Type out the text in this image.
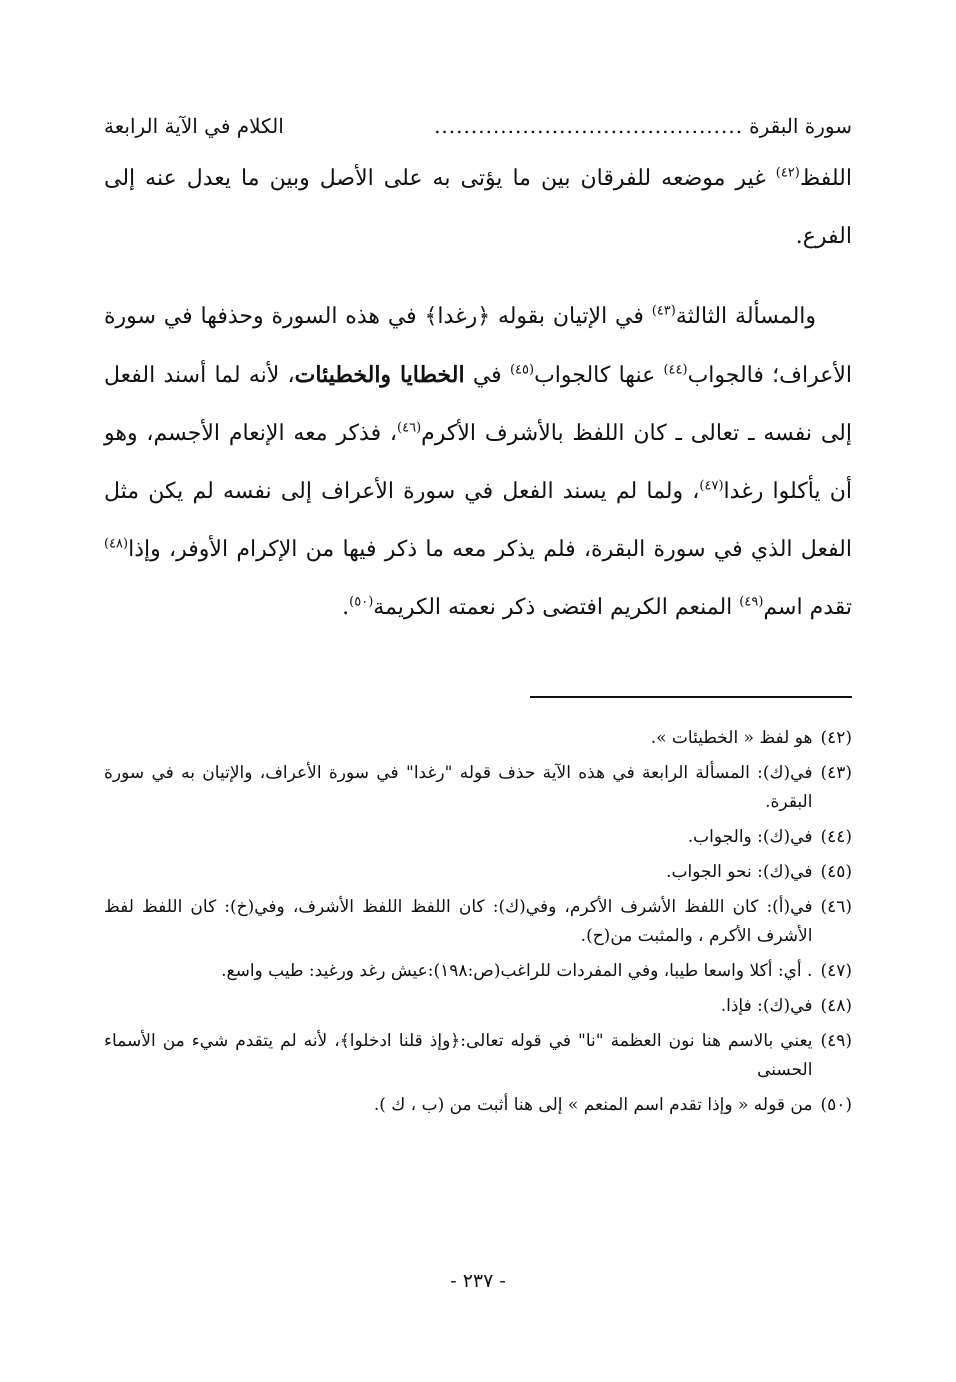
سورة البقرة
..........................................
الكلام في الآية الرابعة

اللفظ$^{(٤٢)}$ غير موضعه للفرقان بين ما يؤتى به على الأصل وبين ما يعدل عنه إلى الفرع.

والمسألة الثالثة$^{(٤٣)}$ في الإتيان بقوله ﴿رغدا﴾ في هذه السورة وحذفها في سورة الأعراف؛ فالجواب$^{(٤٤)}$ عنها كالجواب$^{(٤٥)}$ في الخطايا والخطيئات، لأنه لما أسند الفعل إلى نفسه ـ تعالى ـ كان اللفظ بالأشرف الأكرم$^{(٤٦)}$، فذكر معه الإنعام الأجسم، وهو أن يأكلوا رغدا$^{(٤٧)}$، ولما لم يسند الفعل في سورة الأعراف إلى نفسه لم يكن مثل الفعل الذي في سورة البقرة، فلم يذكر معه ما ذكر فيها من الإكرام الأوفر، وإذا$^{(٤٨)}$ تقدم اسم$^{(٤٩)}$ المنعم الكريم افتضى ذكر نعمته الكريمة$^{(٥٠)}$.

(٤٢)
هو لفظ « الخطيئات ».
(٤٣)
في(ك): المسألة الرابعة في هذه الآية حذف قوله "رغدا" في سورة الأعراف، والإتيان به في سورة البقرة.
(٤٤)
في(ك): والجواب.
(٤٥)
في(ك): نحو الجواب.
(٤٦)
في(أ): كان اللفظ الأشرف الأكرم، وفي(ك): كان اللفظ اللفظ الأشرف، وفي(خ): كان اللفظ لفظ الأشرف الأكرم ، والمثبت من(ح).
(٤٧)
. أي: أكلا واسعا طيبا، وفي المفردات للراغب(ص:١٩٨):عيش رغد ورغيد: طيب واسع.
(٤٨)
في(ك): فإذا.
(٤٩)
يعني بالاسم هنا نون العظمة "نا" في قوله تعالى:﴿وإذ قلنا ادخلوا﴾، لأنه لم يتقدم شيء من الأسماء الحسنى
(٥٠)
من قوله « وإذا تقدم اسم المنعم » إلى هنا أثبت من (ب ، ك ).
- ٢٣٧ -
